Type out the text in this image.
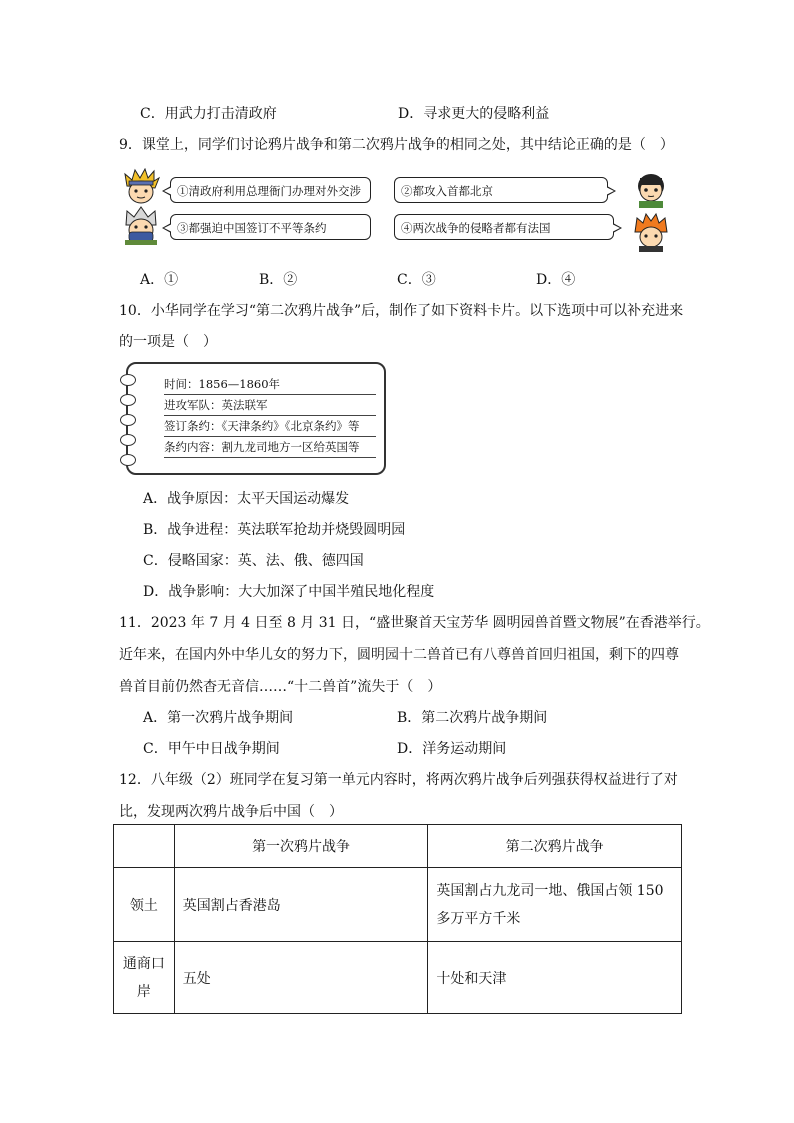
C．用武力打击清政府	D．寻求更大的侵略利益
9．课堂上，同学们讨论鸦片战争和第二次鸦片战争的相同之处，其中结论正确的是（　）
①清政府利用总理衙门办理对外交涉	②都攻入首都北京
③都强迫中国签订不平等条约	④两次战争的侵略者都有法国
A．①	B．②	C．③	D．④
10．小华同学在学习“第二次鸦片战争”后，制作了如下资料卡片。以下选项中可以补充进来
的一项是（　）
时间：1856—1860年
进攻军队：英法联军
签订条约：《天津条约》《北京条约》等
条约内容：割九龙司地方一区给英国等
A．战争原因：太平天国运动爆发
B．战争进程：英法联军抢劫并烧毁圆明园
C．侵略国家：英、法、俄、德四国
D．战争影响：大大加深了中国半殖民地化程度
11．2023 年 7 月 4 日至 8 月 31 日，“盛世聚首天宝芳华 圆明园兽首暨文物展”在香港举行。
近年来，在国内外中华儿女的努力下，圆明园十二兽首已有八尊兽首回归祖国，剩下的四尊
兽首目前仍然杳无音信……“十二兽首”流失于（　）
A．第一次鸦片战争期间	B．第二次鸦片战争期间
C．甲午中日战争期间	D．洋务运动期间
12．八年级（2）班同学在复习第一单元内容时，将两次鸦片战争后列强获得权益进行了对
比，发现两次鸦片战争后中国（　）
	第一次鸦片战争	第二次鸦片战争
领土	英国割占香港岛	英国割占九龙司一地、俄国占领 150 多万平方千米
通商口岸	五处	十处和天津
